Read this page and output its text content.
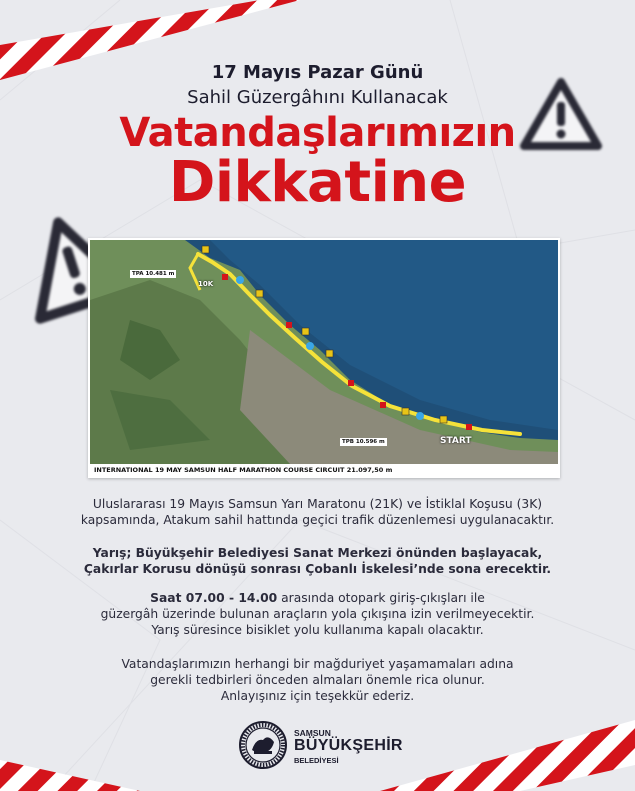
17 Mayıs Pazar Günü
Sahil Güzergâhını Kullanacak
Vatandaşlarımızın
Dikkatine
TPA 10.481 m
10K
TPB 10.596 m	START
INTERNATIONAL 19 MAY SAMSUN HALF MARATHON COURSE CIRCUIT 21.097,50 m
Uluslararası 19 Mayıs Samsun Yarı Maratonu (21K) ve İstiklal Koşusu (3K)
kapsamında, Atakum sahil hattında geçici trafik düzenlemesi uygulanacaktır.
Yarış; Büyükşehir Belediyesi Sanat Merkezi önünden başlayacak,
Çakırlar Korusu dönüşü sonrası Çobanlı İskelesi’nde sona erecektir.
Saat 07.00 - 14.00 arasında otopark giriş-çıkışları ile
güzergâh üzerinde bulunan araçların yola çıkışına izin verilmeyecektir.
Yarış süresince bisiklet yolu kullanıma kapalı olacaktır.
Vatandaşlarımızın herhangi bir mağduriyet yaşamamaları adına
gerekli tedbirleri önceden almaları önemle rica olunur.
Anlayışınız için teşekkür ederiz.
SAMSUN
BÜYÜKŞEHİR
BELEDİYESİ
